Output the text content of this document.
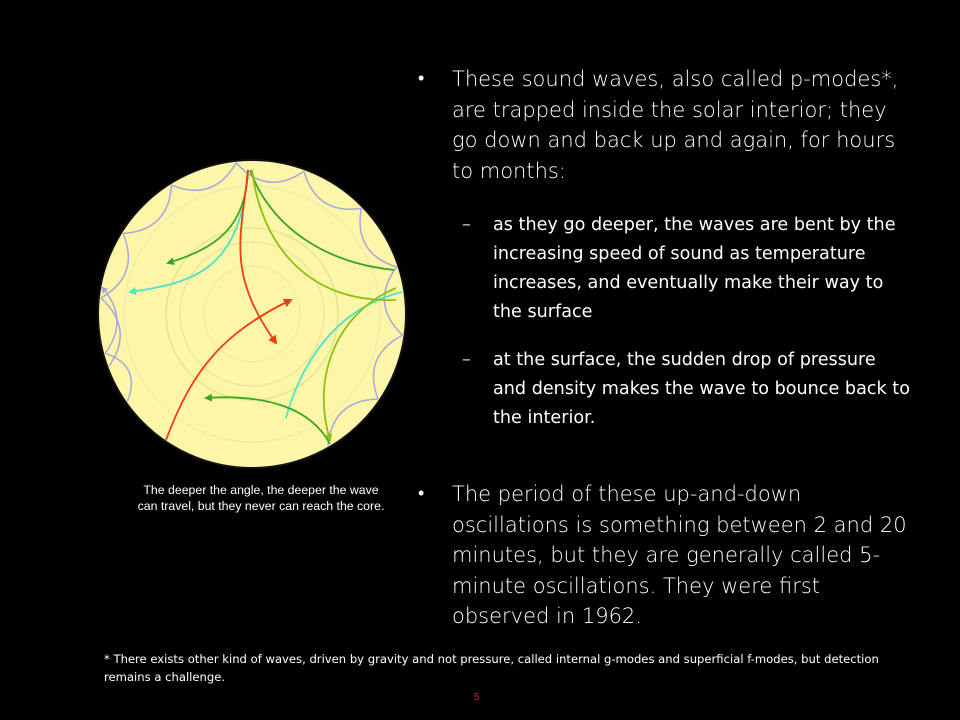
The deeper the angle, the deeper the wave can travel, but they never can reach the core.
• These sound waves, also called p-modes*, are trapped inside the solar interior; they go down and back up and again, for hours to months:
– as they go deeper, the waves are bent by the increasing speed of sound as temperature increases, and eventually make their way to the surface
– at the surface, the sudden drop of pressure and density makes the wave to bounce back to the interior.
• The period of these up-and-down oscillations is something between 2 and 20 minutes, but they are generally called 5-minute oscillations. They were first observed in 1962.
* There exists other kind of waves, driven by gravity and not pressure, called internal g-modes and superficial f-modes, but detection remains a challenge.
5
